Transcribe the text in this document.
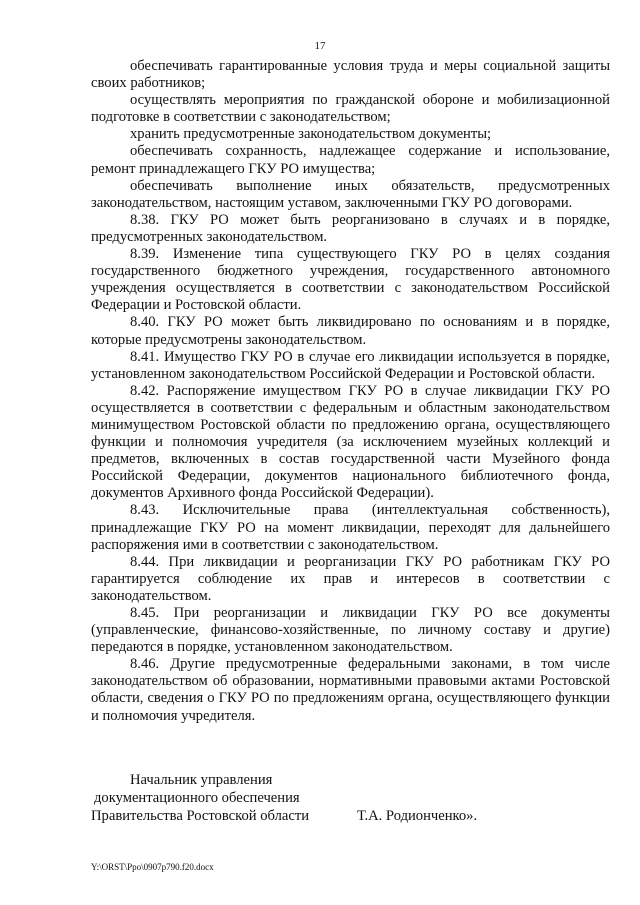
17

обеспечивать гарантированные условия труда и меры социальной защиты своих работников;

осуществлять мероприятия по гражданской обороне и мобилизационной подготовке в соответствии с законодательством;

хранить предусмотренные законодательством документы;

обеспечивать сохранность, надлежащее содержание и использование, ремонт принадлежащего ГКУ РО имущества;

обеспечивать выполнение иных обязательств, предусмотренных законодательством, настоящим уставом, заключенными ГКУ РО договорами.

8.38. ГКУ РО может быть реорганизовано в случаях и в порядке, предусмотренных законодательством.

8.39. Изменение типа существующего ГКУ РО в целях создания государственного бюджетного учреждения, государственного автономного учреждения осуществляется в соответствии с законодательством Российской Федерации и Ростовской области.

8.40. ГКУ РО может быть ликвидировано по основаниям и в порядке, которые предусмотрены законодательством.

8.41. Имущество ГКУ РО в случае его ликвидации используется в порядке, установленном законодательством Российской Федерации и Ростовской области.

8.42. Распоряжение имуществом ГКУ РО в случае ликвидации ГКУ РО осуществляется в соответствии с федеральным и областным законодательством минимуществом Ростовской области по предложению органа, осуществляющего функции и полномочия учредителя (за исключением музейных коллекций и предметов, включенных в состав государственной части Музейного фонда Российской Федерации, документов национального библиотечного фонда, документов Архивного фонда Российской Федерации).

8.43. Исключительные права (интеллектуальная собственность), принадлежащие ГКУ РО на момент ликвидации, переходят для дальнейшего распоряжения ими в соответствии с законодательством.

8.44. При ликвидации и реорганизации ГКУ РО работникам ГКУ РО гарантируется соблюдение их прав и интересов в соответствии с законодательством.

8.45. При реорганизации и ликвидации ГКУ РО все документы (управленческие, финансово-хозяйственные, по личному составу и другие) передаются в порядке, установленном законодательством.

8.46. Другие предусмотренные федеральными законами, в том числе законодательством об образовании, нормативными правовыми актами Ростовской области, сведения о ГКУ РО по предложениям органа, осуществляющего функции и полномочия учредителя.

Начальник управления
документационного обеспечения
Правительства Ростовской области	Т.А. Родионченко».
Y:\ORST\Ppo\0907p790.f20.docx
